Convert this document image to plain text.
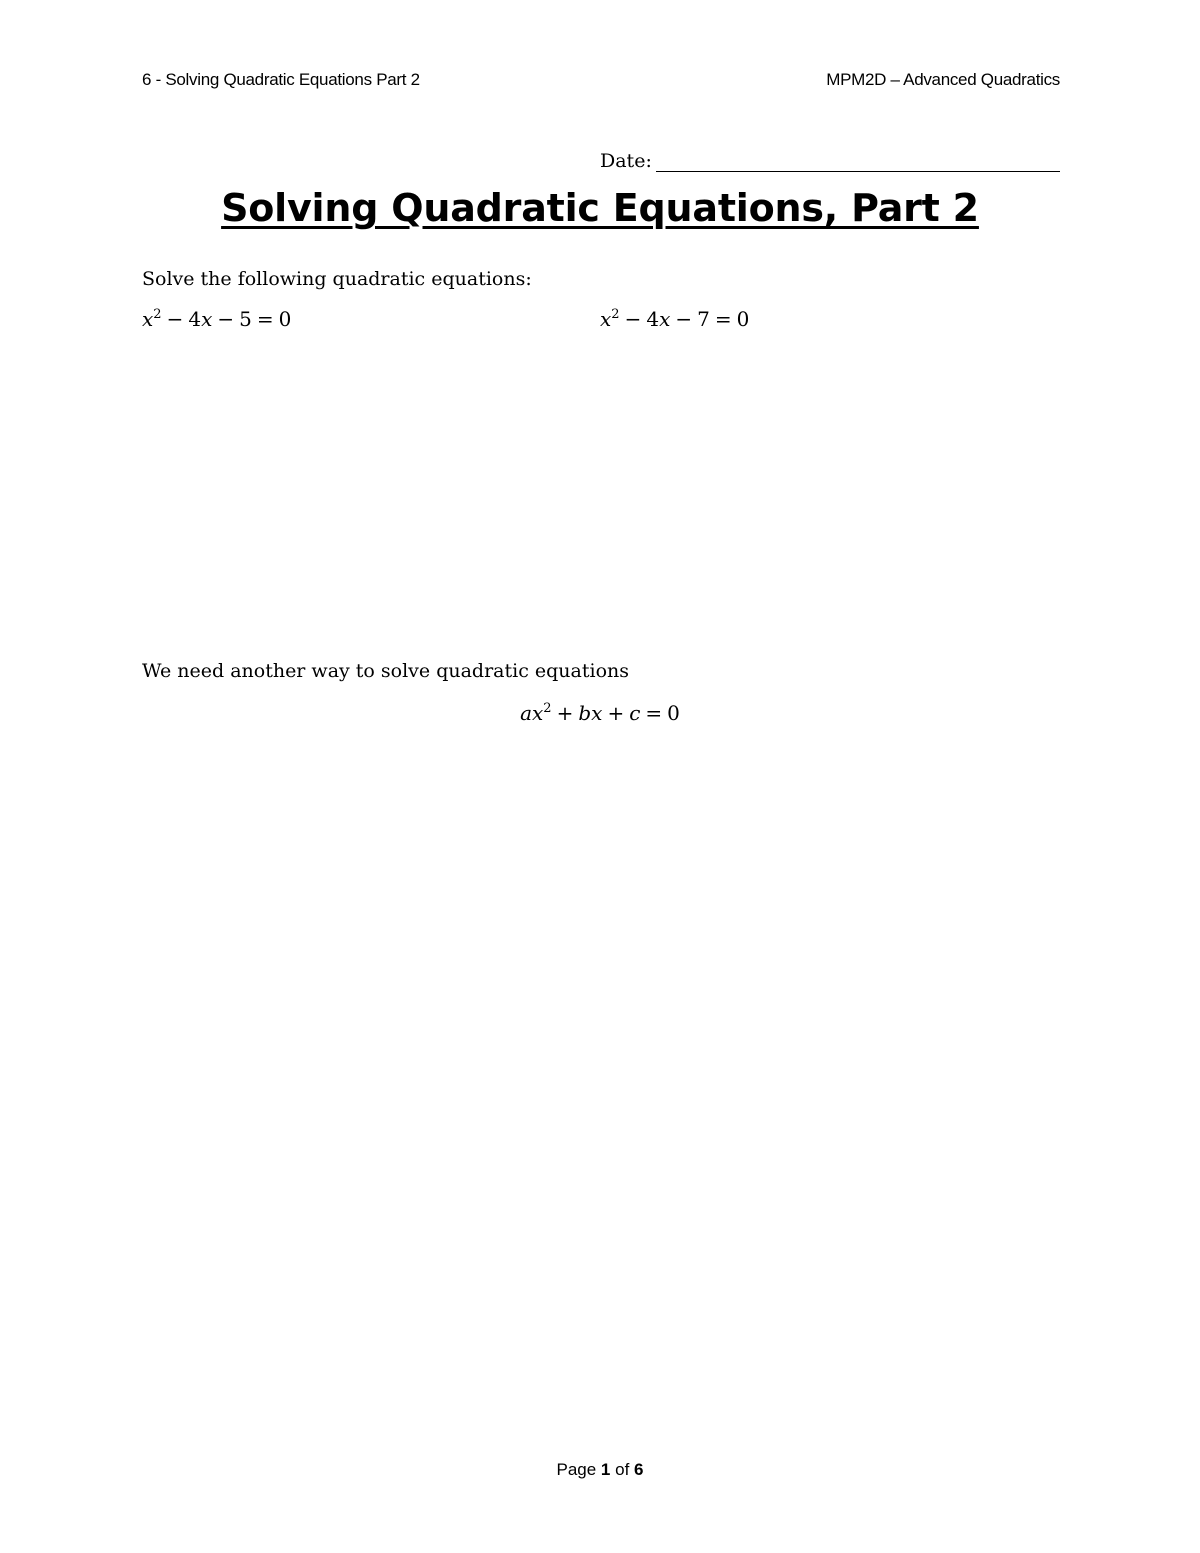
6 - Solving Quadratic Equations Part 2	MPM2D – Advanced Quadratics
Date:
Solving Quadratic Equations, Part 2
Solve the following quadratic equations:
$x^2 - 4x - 5 = 0$	$x^2 - 4x - 7 = 0$
We need another way to solve quadratic equations
$ax^2$ + bx + c = 0
Page 1 of 6
